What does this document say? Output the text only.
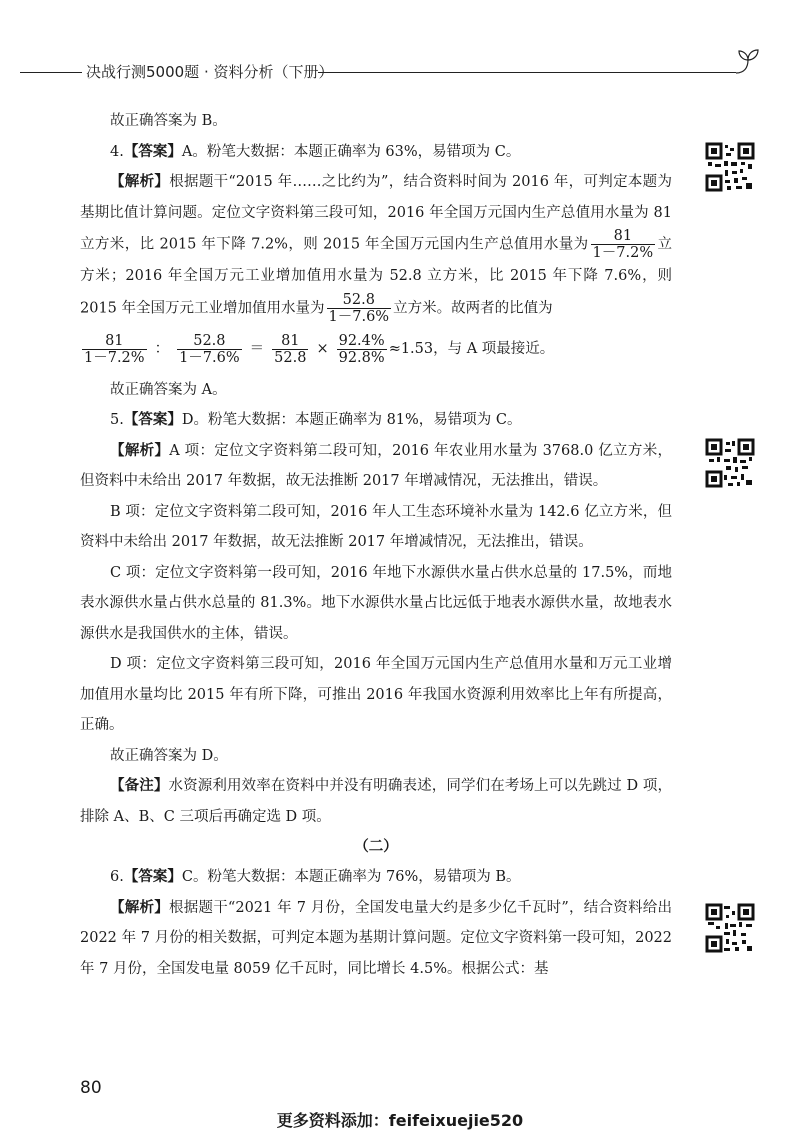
决战行测5000题 · 资料分析（下册）

故正确答案为 B。

4.【答案】A。粉笔大数据：本题正确率为 63%，易错项为 C。

【解析】根据题干“2015 年……之比约为”，结合资料时间为 2016 年，可判定本题为基期比值计算问题。定位文字资料第三段可知，2016 年全国万元国内生产总值用水量为 81 立方米，比 2015 年下降 7.2%，则 2015 年全国万元国内生产总值用水量为 $\frac{81}{1-7.2\%}$ 立方米；2016 年全国万元工业增加值用水量为 52.8 立方米，比 2015 年下降 7.6%，则 2015 年全国万元工业增加值用水量为 $\frac{52.8}{1-7.6\%}$ 立方米。故两者的比值为

$\frac{81}{1-7.2\%}$ ： $\frac{52.8}{1-7.6\%} = \frac{81}{52.8} \times \frac{92.4\%}{92.8\%} \approx 1.53$，与 A 项最接近。

故正确答案为 A。

5.【答案】D。粉笔大数据：本题正确率为 81%，易错项为 C。

【解析】A 项：定位文字资料第二段可知，2016 年农业用水量为 3768.0 亿立方米，但资料中未给出 2017 年数据，故无法推断 2017 年增减情况，无法推出，错误。

B 项：定位文字资料第二段可知，2016 年人工生态环境补水量为 142.6 亿立方米，但资料中未给出 2017 年数据，故无法推断 2017 年增减情况，无法推出，错误。

C 项：定位文字资料第一段可知，2016 年地下水源供水量占供水总量的 17.5%，而地表水源供水量占供水总量的 81.3%。地下水源供水量占比远低于地表水源供水量，故地表水源供水是我国供水的主体，错误。

D 项：定位文字资料第三段可知，2016 年全国万元国内生产总值用水量和万元工业增加值用水量均比 2015 年有所下降，可推出 2016 年我国水资源利用效率比上年有所提高，正确。

故正确答案为 D。

【备注】水资源利用效率在资料中并没有明确表述，同学们在考场上可以先跳过 D 项，排除 A、B、C 三项后再确定选 D 项。

（二）

6.【答案】C。粉笔大数据：本题正确率为 76%，易错项为 B。

【解析】根据题干“2021 年 7 月份，全国发电量大约是多少亿千瓦时”，结合资料给出 2022 年 7 月份的相关数据，可判定本题为基期计算问题。定位文字资料第一段可知，2022 年 7 月份，全国发电量 8059 亿千瓦时，同比增长 4.5%。根据公式：基

80
更多资料添加：feifeixuejie520
